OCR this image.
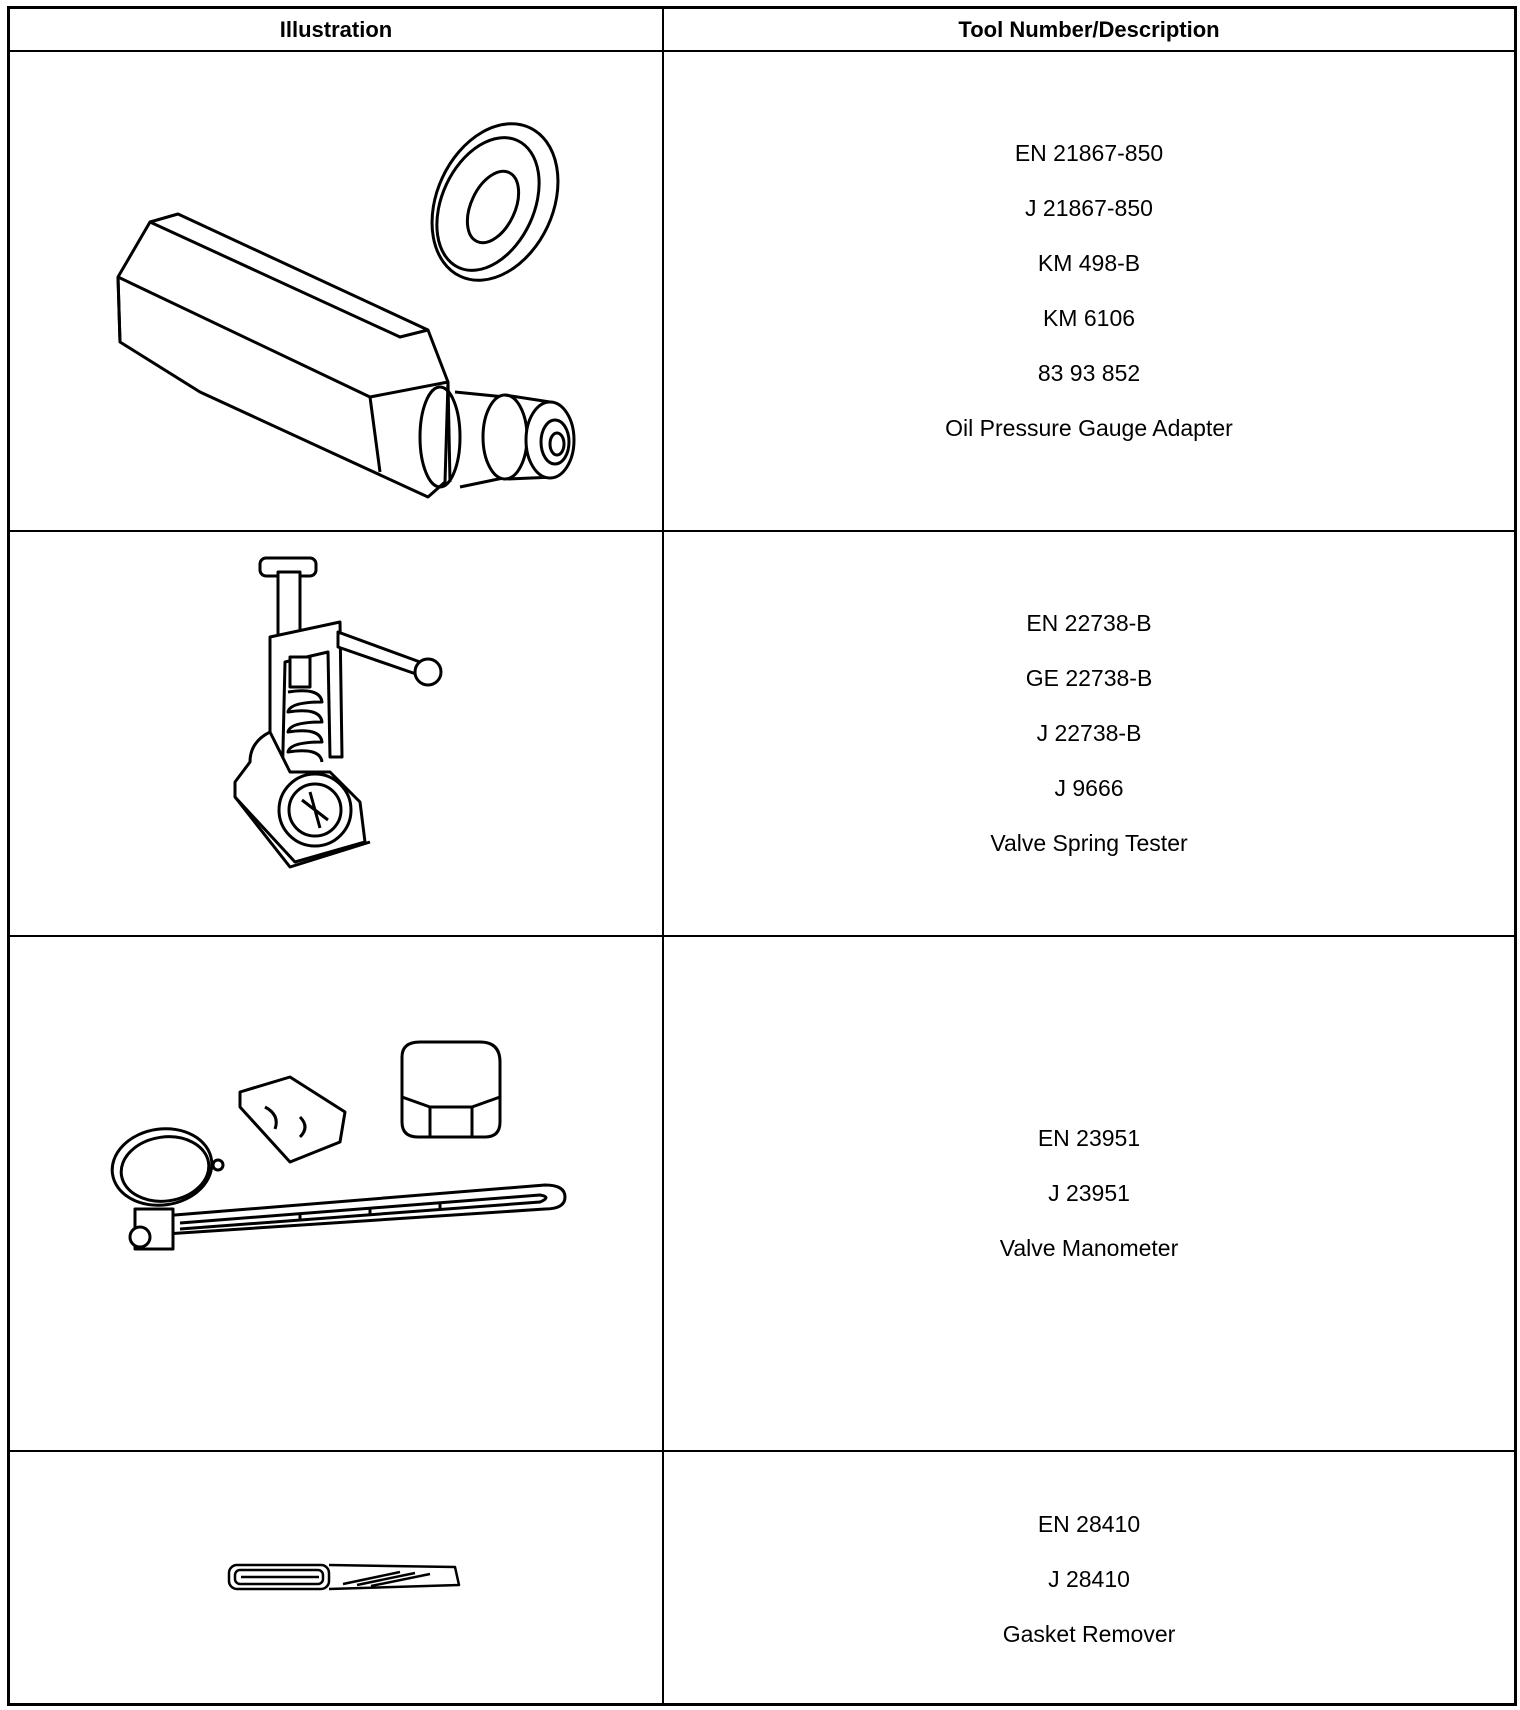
Illustration	Tool Number/Description
EN 21867-850
J 21867-850
KM 498-B
KM 6106
83 93 852
Oil Pressure Gauge Adapter
EN 22738-B
GE 22738-B
J 22738-B
J 9666
Valve Spring Tester
EN 23951
J 23951
Valve Manometer
EN 28410
J 28410
Gasket Remover
